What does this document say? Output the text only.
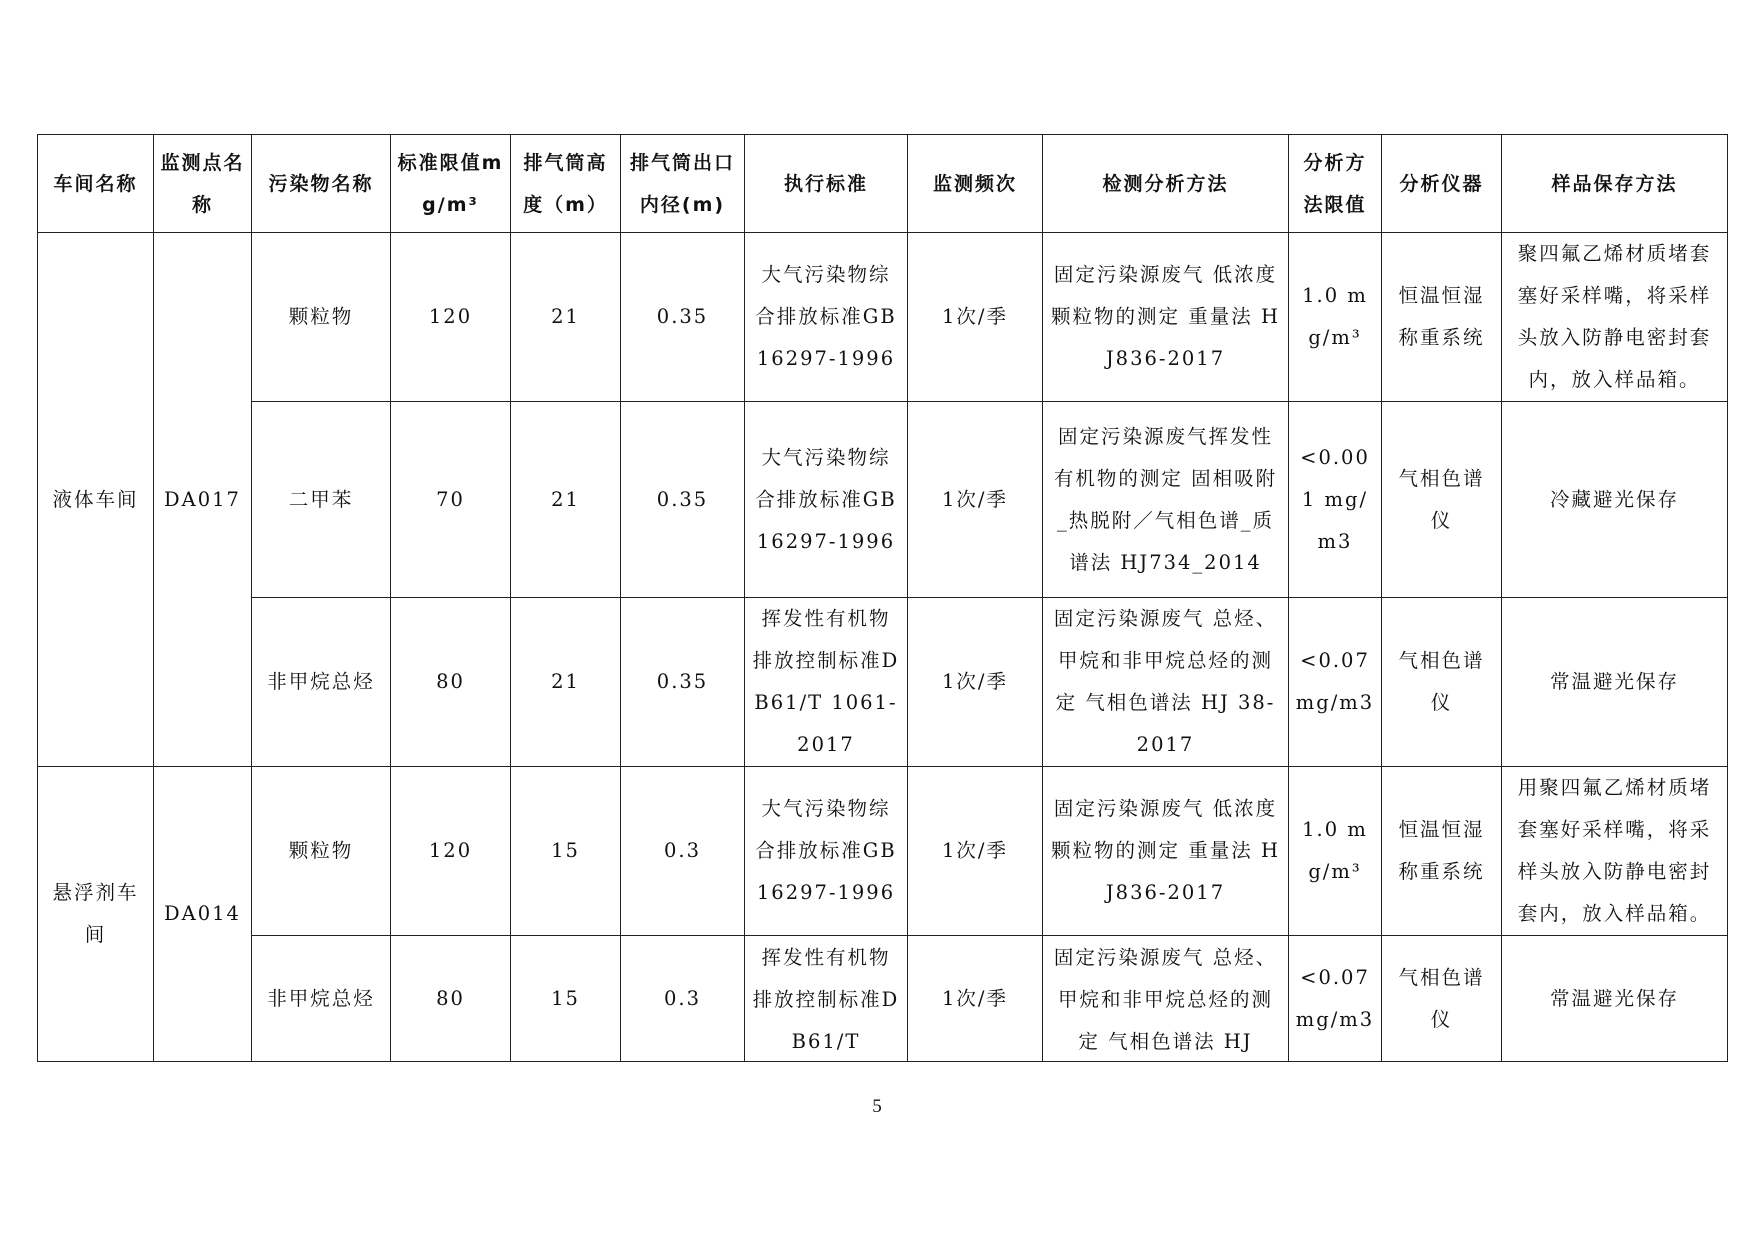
车间名称	监测点名称	污染物名称	标准限值mg/m³	排气筒高度（m）	排气筒出口内径(m)	执行标准	监测频次	检测分析方法	分析方法限值	分析仪器	样品保存方法
液体车间	DA017	颗粒物	120	21	0.35	大气污染物综合排放标准GB16297-1996	1次/季	固定污染源废气 低浓度颗粒物的测定 重量法 HJ836-2017	1.0 mg/m³	恒温恒湿称重系统	聚四氟乙烯材质堵套塞好采样嘴，将采样头放入防静电密封套内，放入样品箱。
		二甲苯	70	21	0.35	大气污染物综合排放标准GB16297-1996	1次/季	固定污染源废气挥发性有机物的测定 固相吸附_热脱附／气相色谱_质谱法 HJ734_2014	<0.001 mg/m3	气相色谱仪	冷藏避光保存
		非甲烷总烃	80	21	0.35	挥发性有机物排放控制标准DB61/T 1061-2017	1次/季	固定污染源废气 总烃、甲烷和非甲烷总烃的测定 气相色谱法 HJ 38-2017	<0.07mg/m3	气相色谱仪	常温避光保存
悬浮剂车间	DA014	颗粒物	120	15	0.3	大气污染物综合排放标准GB16297-1996	1次/季	固定污染源废气 低浓度颗粒物的测定 重量法 HJ836-2017	1.0 mg/m³	恒温恒湿称重系统	用聚四氟乙烯材质堵套塞好采样嘴，将采样头放入防静电密封套内，放入样品箱。
		非甲烷总烃	80	15	0.3	挥发性有机物排放控制标准DB61/T	1次/季	固定污染源废气 总烃、甲烷和非甲烷总烃的测定 气相色谱法 HJ	<0.07mg/m3	气相色谱仪	常温避光保存
5
